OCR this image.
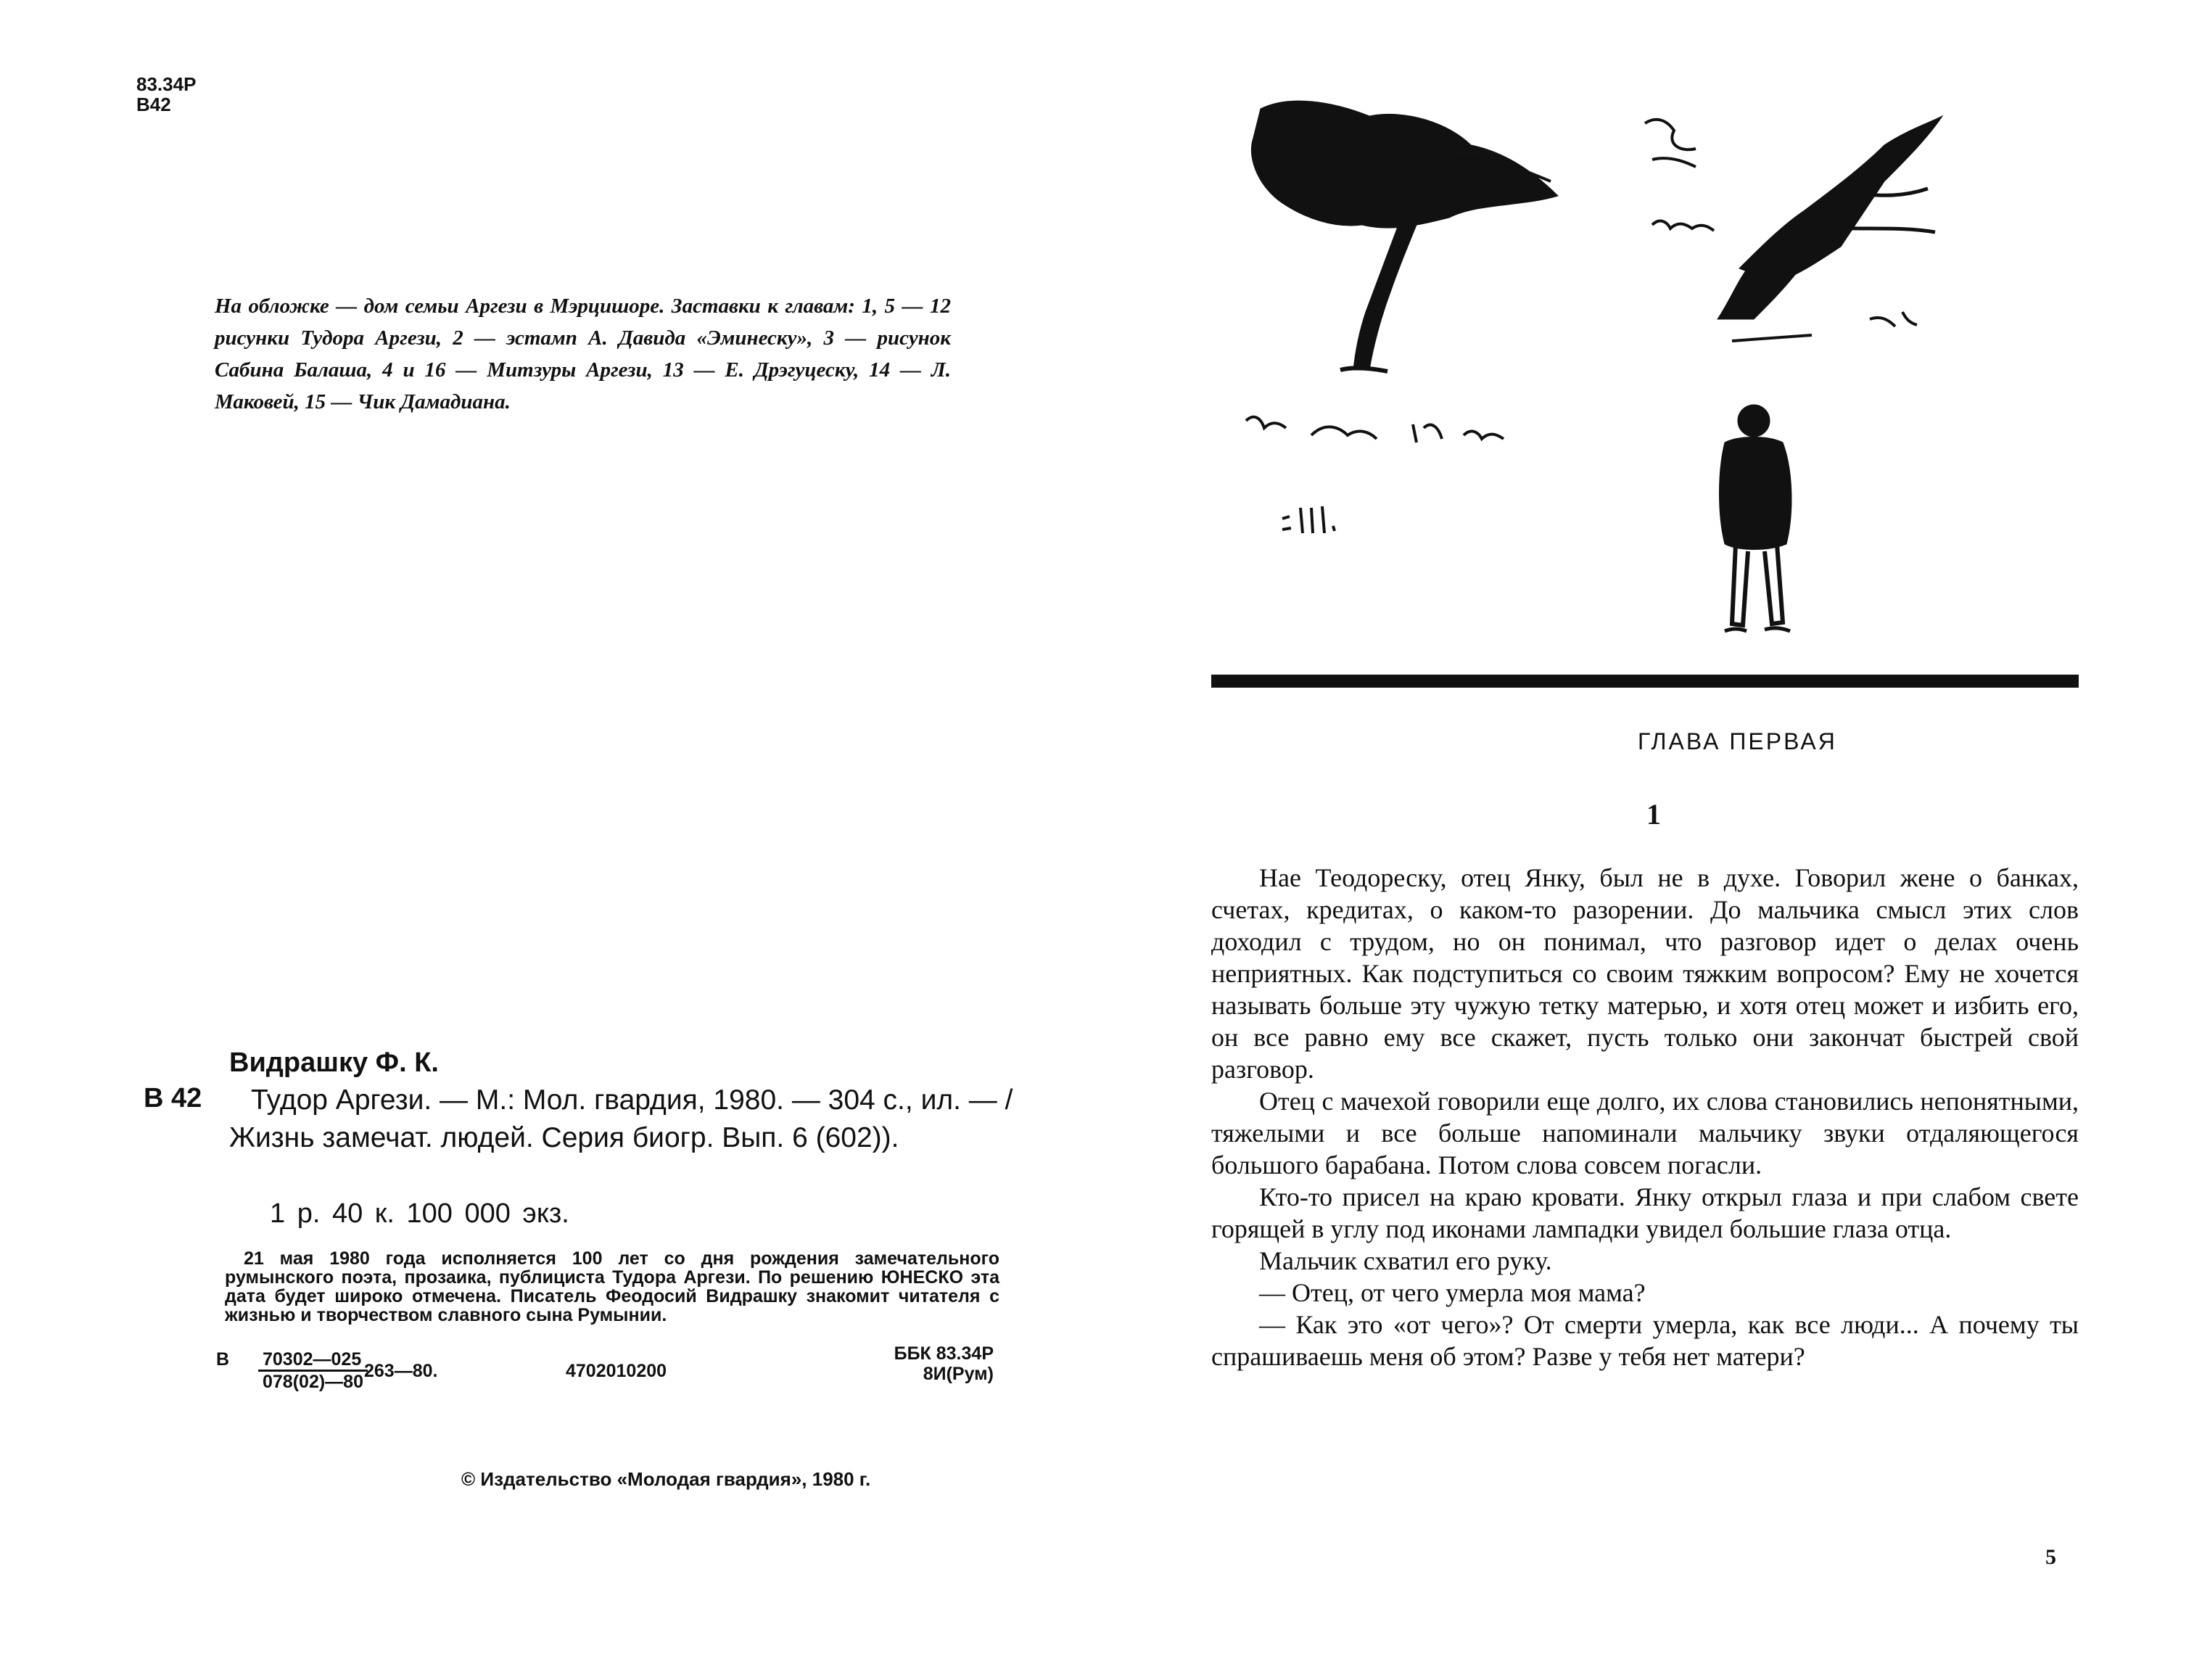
83.34Р
В42
На обложке — дом семьи Аргези в Мэрцишоре. Заставки к главам: 1, 5 — 12 рисунки Тудора Аргези, 2 — эстамп А. Давида «Эминеску», 3 — рисунок Сабина Балаша, 4 и 16 — Митзуры Аргези, 13 — Е. Дрэгуцеску, 14 — Л. Маковей, 15 — Чик Дамадиана.
Видрашку Ф. К.
В 42	Тудор Аргези. — М.: Мол. гвардия, 1980. — 304 с., ил. — /Жизнь замечат. людей. Серия биогр. Вып. 6 (602)).
1 р. 40 к. 100 000 экз.
21 мая 1980 года исполняется 100 лет со дня рождения замечательного румынского поэта, прозаика, публициста Тудора Аргези. По решению ЮНЕСКО эта дата будет широко отмечена. Писатель Феодосий Видрашку знакомит читателя с жизнью и творчеством славного сына Румынии.
В $\frac{70302—025}{078(02)—80}$
263—80.	4702010200
ББК 83.34Р
8И(Рум)
© Издательство «Молодая гвардия», 1980 г.
ГЛАВА ПЕРВАЯ
1

Нае Теодореску, отец Янку, был не в духе. Говорил жене о банках, счетах, кредитах, о каком-то разорении. До мальчика смысл этих слов доходил с трудом, но он понимал, что разговор идет о делах очень неприятных. Как подступиться со своим тяжким вопросом? Ему не хочется называть больше эту чужую тетку матерью, и хотя отец может и избить его, он все равно ему все скажет, пусть только они закончат быстрей свой разговор.

Отец с мачехой говорили еще долго, их слова становились непонятными, тяжелыми и все больше напоминали мальчику звуки отдаляющегося большого барабана. Потом слова совсем погасли.

Кто-то присел на краю кровати. Янку открыл глаза и при слабом свете горящей в углу под иконами лампадки увидел большие глаза отца.

Мальчик схватил его руку.

— Отец, от чего умерла моя мама?

— Как это «от чего»? От смерти умерла, как все люди... А почему ты спрашиваешь меня об этом? Разве у тебя нет матери?

5
